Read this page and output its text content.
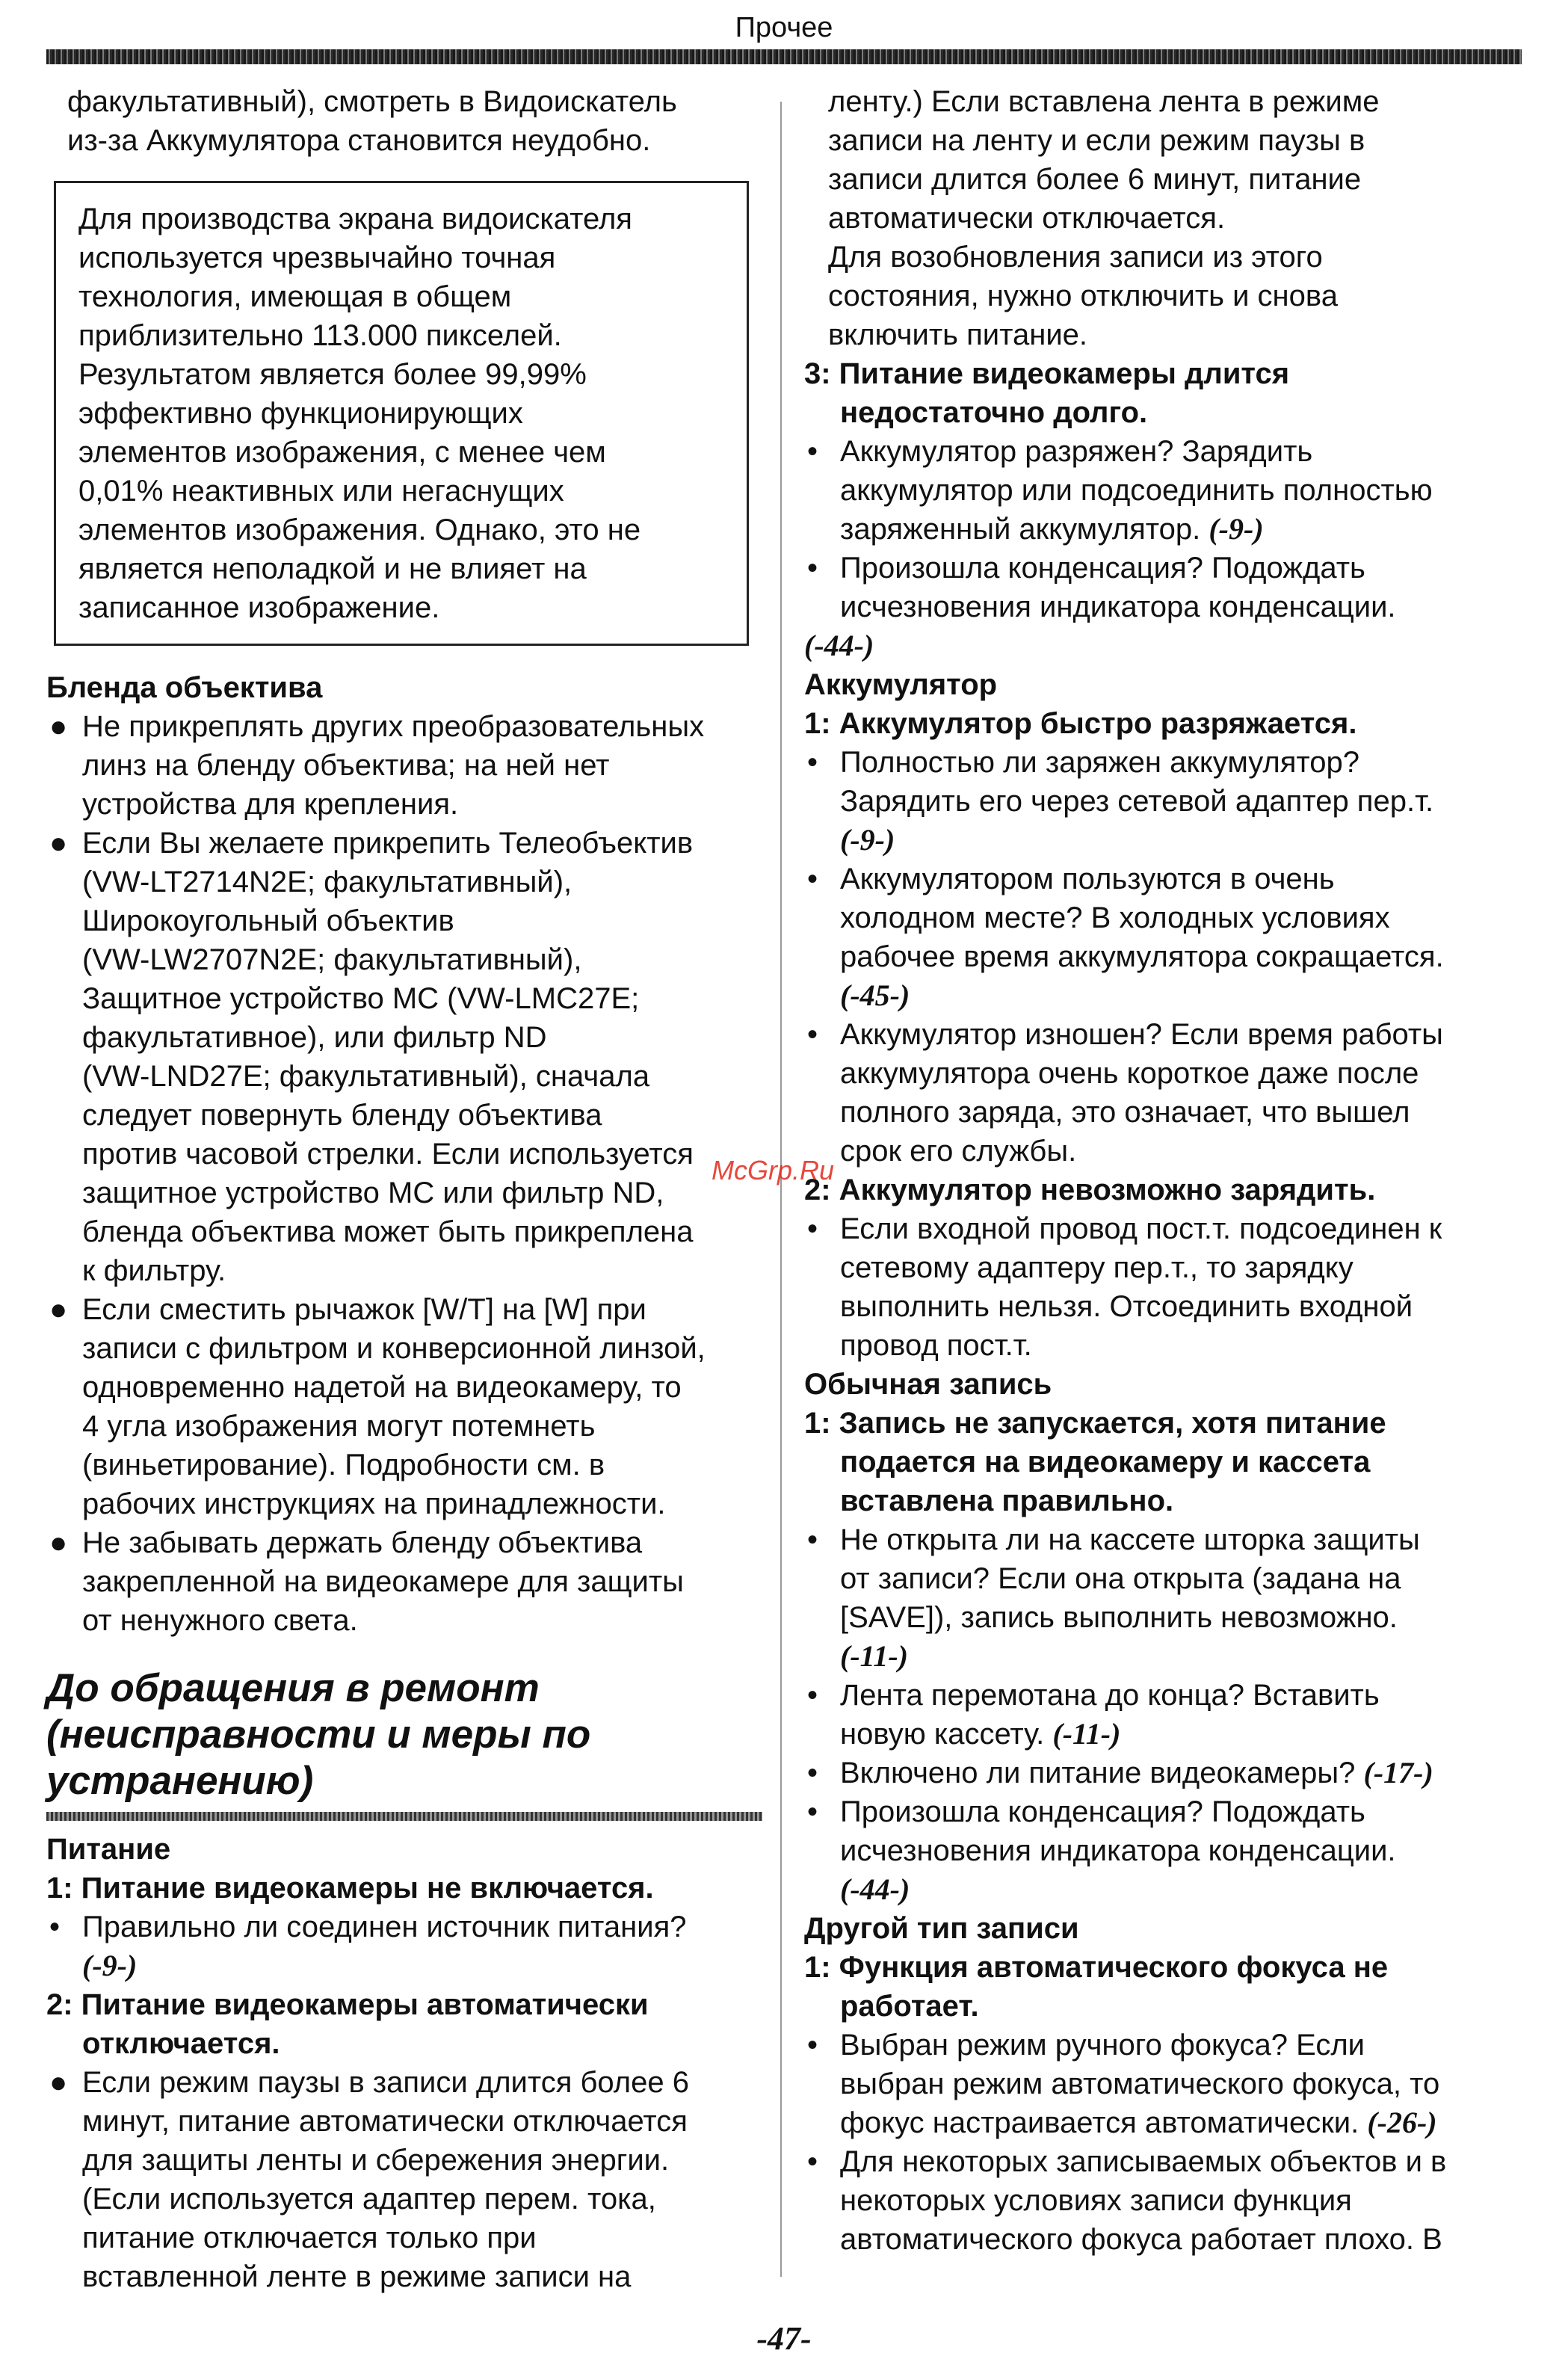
Прочее

факультативный), смотреть в Видоискатель

из-за Аккумулятора становится неудобно.

Для производства экрана видоискателя

используется чрезвычайно точная

технология, имеющая в общем

приблизительно 113.000 пикселей.

Результатом является более 99,99%

эффективно функционирующих

элементов изображения, с менее чем

0,01% неактивных или негаснущих

элементов изображения. Однако, это не

является неполадкой и не влияет на

записанное изображение.

Бленда объектива

● Не прикреплять других преобразовательных

линз на бленду объектива; на ней нет

устройства для крепления.

● Если Вы желаете прикрепить Телеобъектив

(VW-LT2714N2E; факультативный),

Широкоугольный объектив

(VW-LW2707N2E; факультативный),

Защитное устройство МС (VW-LMC27E;

факультативное), или фильтр ND

(VW-LND27E; факультативный), сначала

следует повернуть бленду объектива

против часовой стрелки. Если используется

защитное устройство МС или фильтр ND,

бленда объектива может быть прикреплена

к фильтру.

● Если сместить рычажок [W/T] на [W] при

записи с фильтром и конверсионной линзой,

одновременно надетой на видеокамеру, то

4 угла изображения могут потемнеть

(виньетирование). Подробности см. в

рабочих инструкциях на принадлежности.

● Не забывать держать бленду объектива

закрепленной на видеокамере для защиты

от ненужного света.

До обращения в ремонт

(неисправности и меры по

устранению)

Питание

1: Питание видеокамеры не включается.

• Правильно ли соединен источник питания?

(-9-)

2: Питание видеокамеры автоматически

отключается.

● Если режим паузы в записи длится более 6

минут, питание автоматически отключается

для защиты ленты и сбережения энергии.

(Если используется адаптер перем. тока,

питание отключается только при

вставленной ленте в режиме записи на

ленту.) Если вставлена лента в режиме

записи на ленту и если режим паузы в

записи длится более 6 минут, питание

автоматически отключается.

Для возобновления записи из этого

состояния, нужно отключить и снова

включить питание.

3: Питание видеокамеры длится

недостаточно долго.

• Аккумулятор разряжен? Зарядить

аккумулятор или подсоединить полностью

заряженный аккумулятор. (-9-)

• Произошла конденсация? Подождать

исчезновения индикатора конденсации.

(-44-)

Аккумулятор

1: Аккумулятор быстро разряжается.

• Полностью ли заряжен аккумулятор?

Зарядить его через сетевой адаптер пер.т.

(-9-)

• Аккумулятором пользуются в очень

холодном месте? В холодных условиях

рабочее время аккумулятора сокращается.

(-45-)

• Аккумулятор изношен? Если время работы

аккумулятора очень короткое даже после

полного заряда, это означает, что вышел

срок его службы.

2: Аккумулятор невозможно зарядить.

• Если входной провод пост.т. подсоединен к

сетевому адаптеру пер.т., то зарядку

выполнить нельзя. Отсоединить входной

провод пост.т.

Обычная запись

1: Запись не запускается, хотя питание

подается на видеокамеру и кассета

вставлена правильно.

• Не открыта ли на кассете шторка защиты

от записи? Если она открыта (задана на

[SAVE]), запись выполнить невозможно.

(-11-)

• Лента перемотана до конца? Вставить

новую кассету. (-11-)

• Включено ли питание видеокамеры? (-17-)

• Произошла конденсация? Подождать

исчезновения индикатора конденсации.

(-44-)

Другой тип записи

1: Функция автоматического фокуса не

работает.

• Выбран режим ручного фокуса? Если

выбран режим автоматического фокуса, то

фокус настраивается автоматически. (-26-)

• Для некоторых записываемых объектов и в

некоторых условиях записи функция

автоматического фокуса работает плохо. В

McGrp.Ru
-47-
